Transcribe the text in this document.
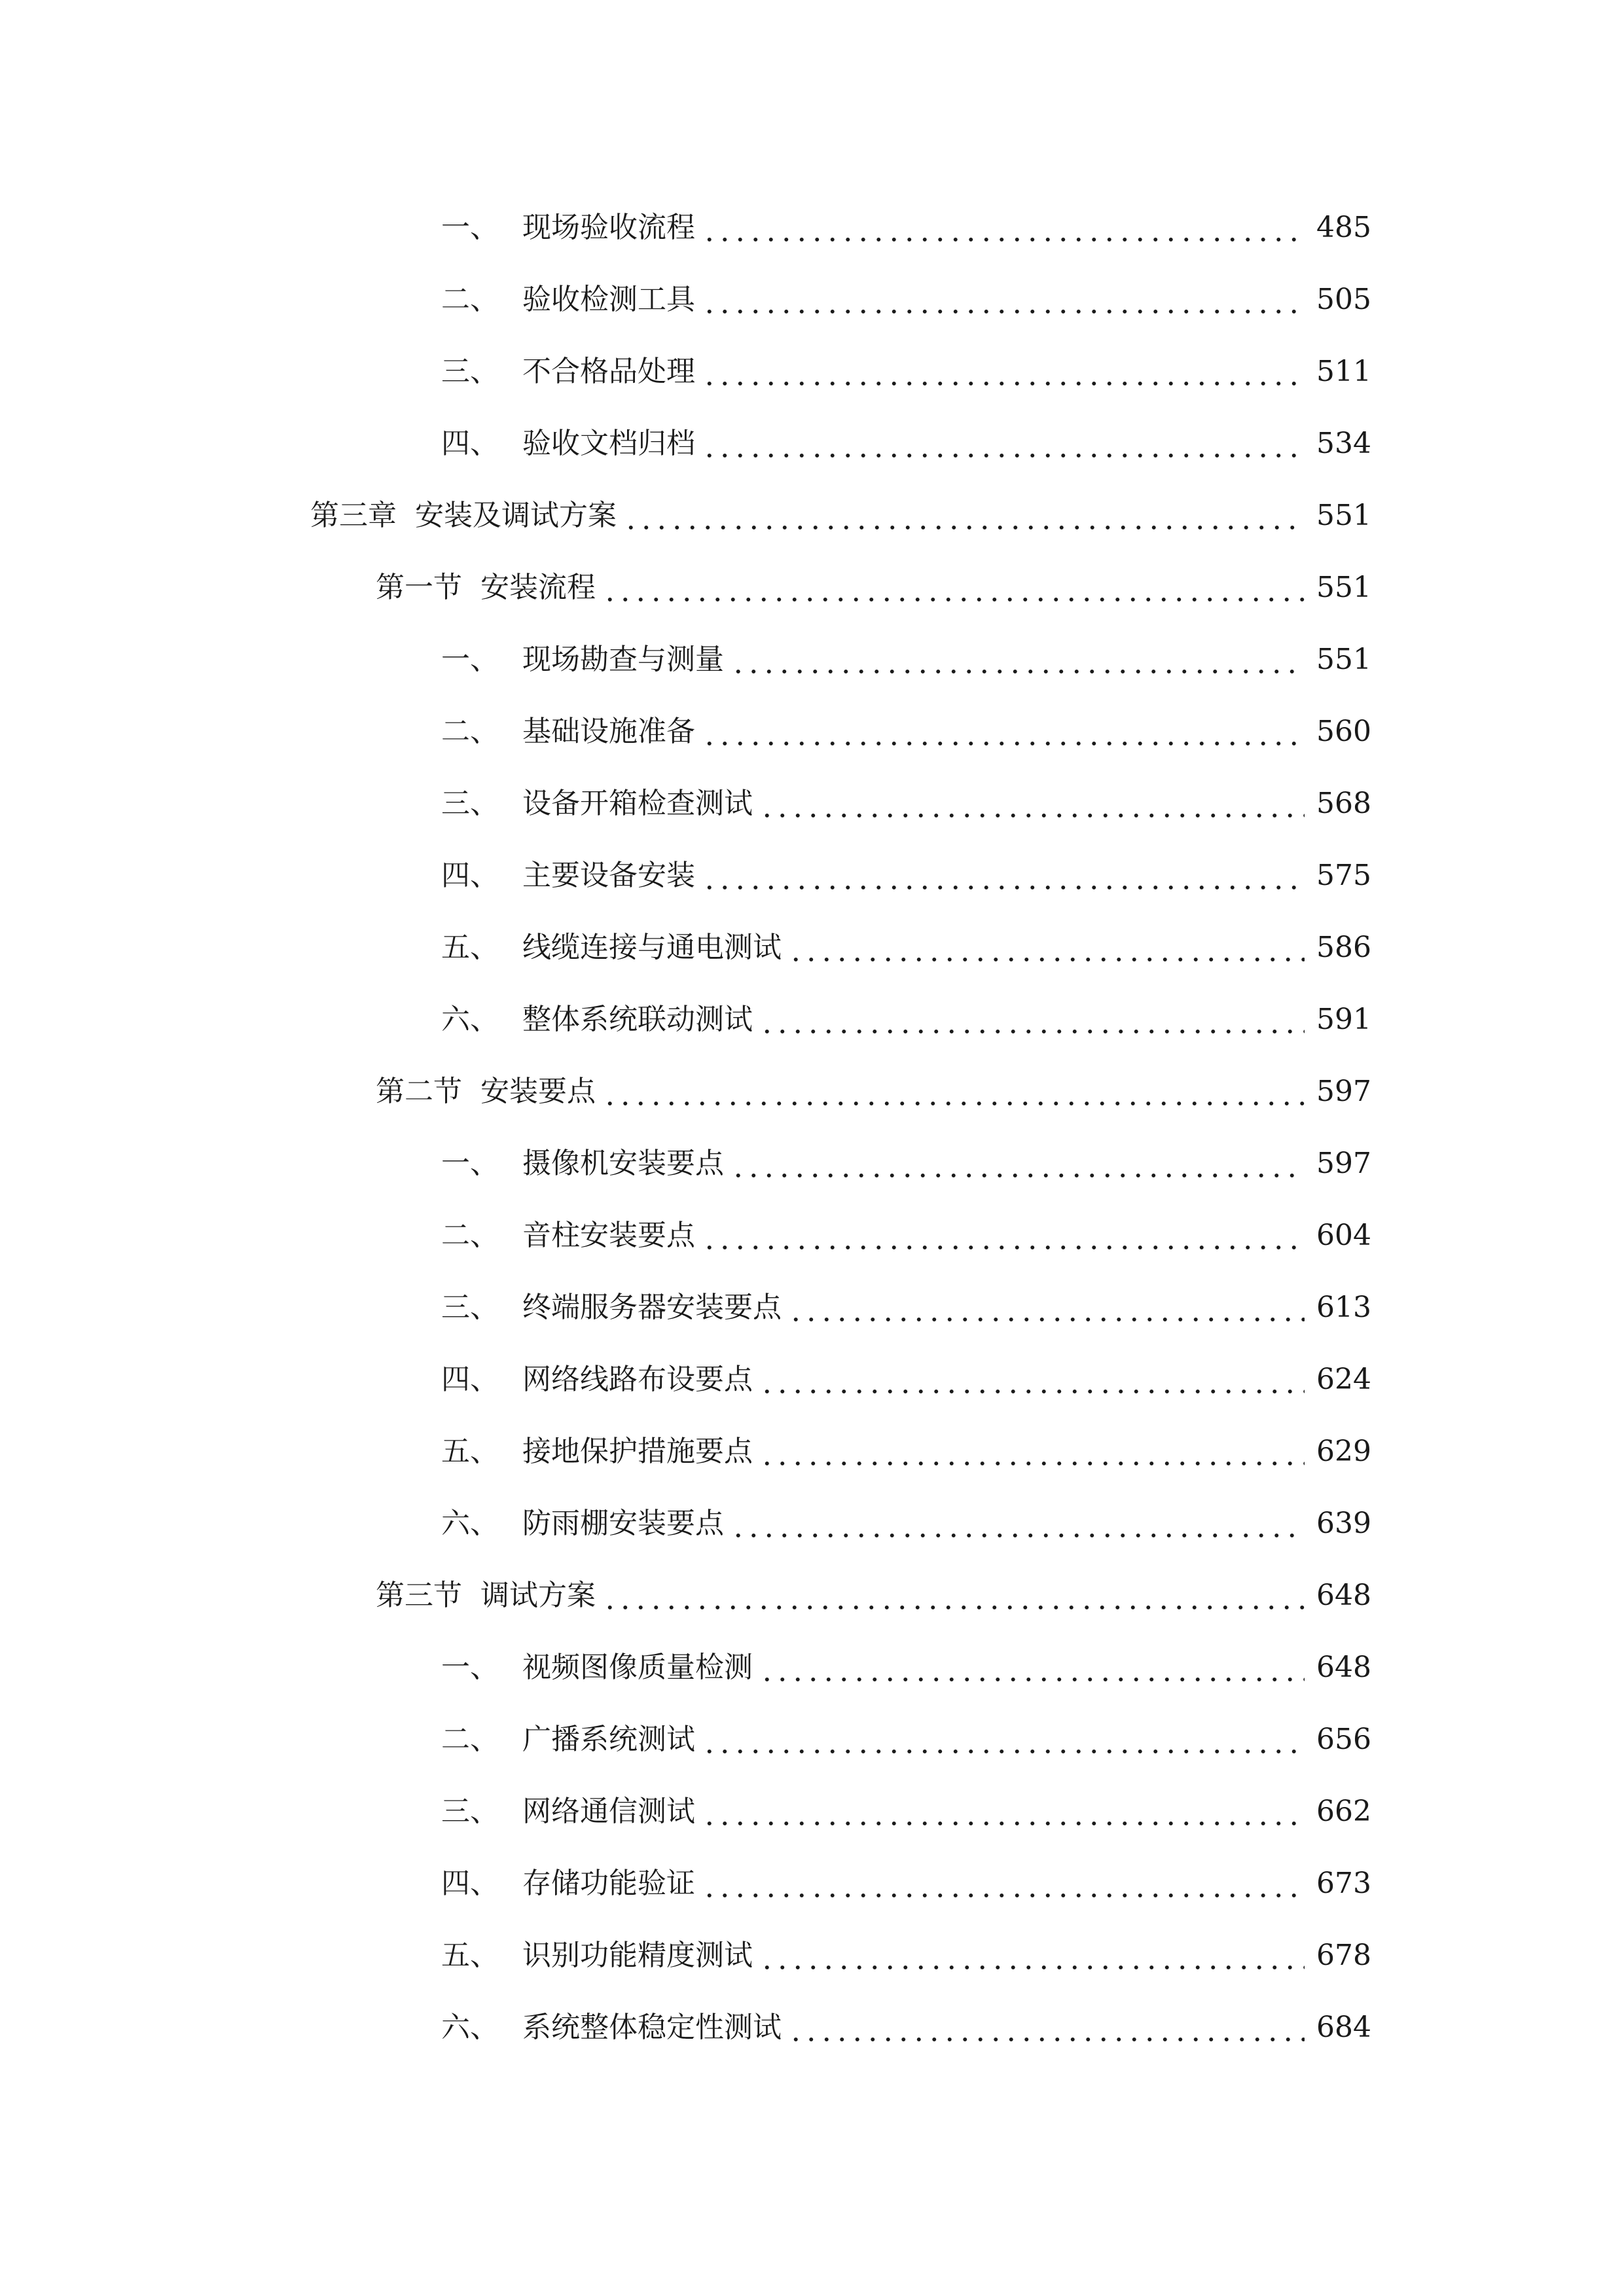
一、 现场验收流程	485
二、 验收检测工具	505
三、 不合格品处理	511
四、 验收文档归档	534
第三章 安装及调试方案	551
第一节 安装流程	551
一、 现场勘查与测量	551
二、 基础设施准备	560
三、 设备开箱检查测试	568
四、 主要设备安装	575
五、 线缆连接与通电测试	586
六、 整体系统联动测试	591
第二节 安装要点	597
一、 摄像机安装要点	597
二、 音柱安装要点	604
三、 终端服务器安装要点	613
四、 网络线路布设要点	624
五、 接地保护措施要点	629
六、 防雨棚安装要点	639
第三节 调试方案	648
一、 视频图像质量检测	648
二、 广播系统测试	656
三、 网络通信测试	662
四、 存储功能验证	673
五、 识别功能精度测试	678
六、 系统整体稳定性测试	684
